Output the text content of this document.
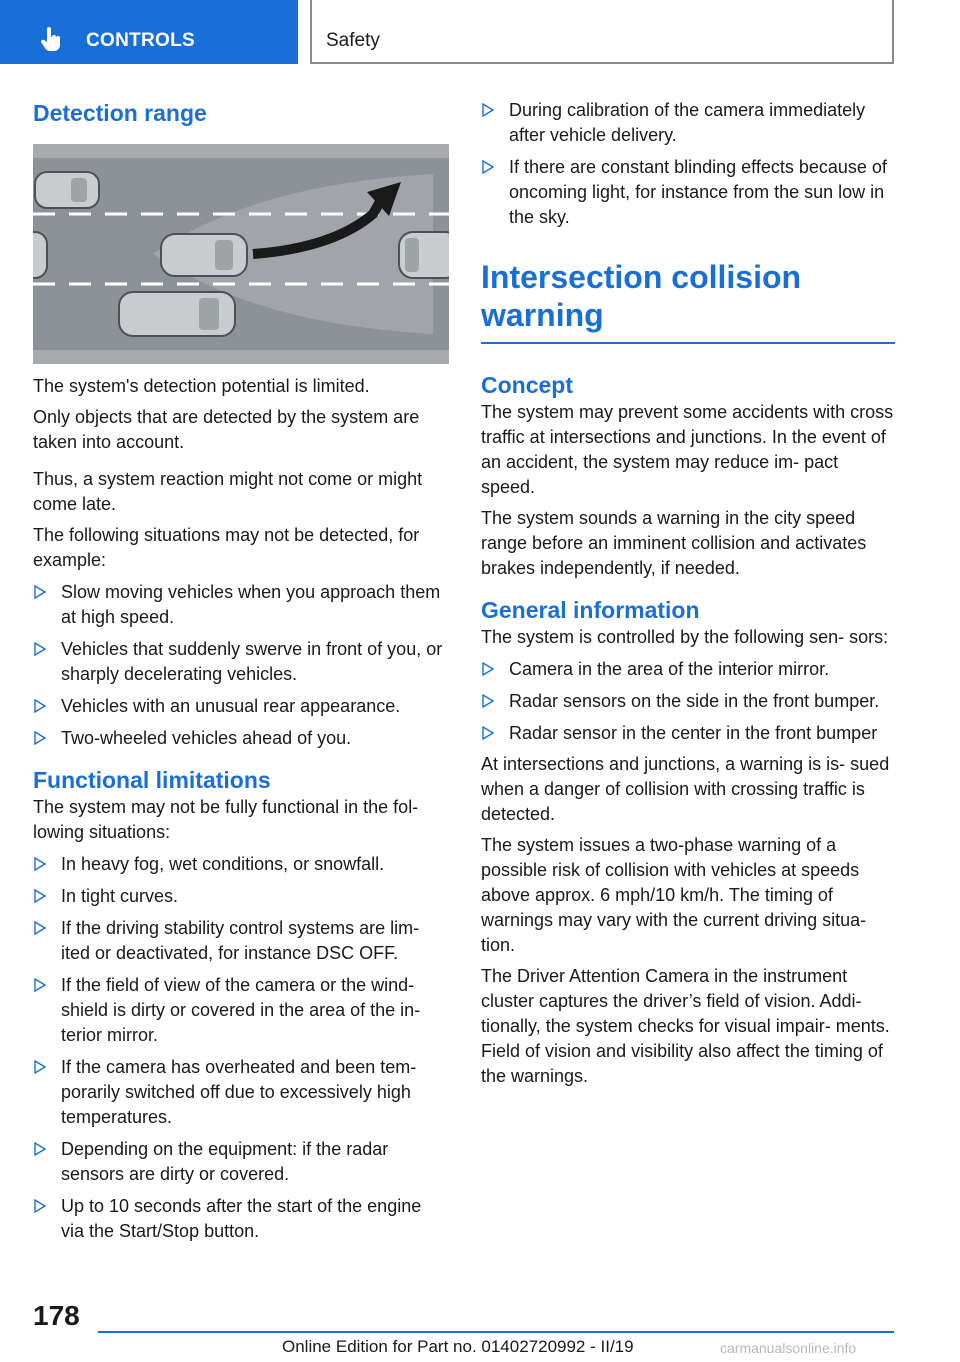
CONTROLS	Safety
Detection range

The system's detection potential is limited.

Only objects that are detected by the system are taken into account.

Thus, a system reaction might not come or might come late.

The following situations may not be detected, for example:

Slow moving vehicles when you approach them at high speed.
Vehicles that suddenly swerve in front of you, or sharply decelerating vehicles.
Vehicles with an unusual rear appearance.
Two-wheeled vehicles ahead of you.
Functional limitations

The system may not be fully functional in the fol‐ lowing situations:

In heavy fog, wet conditions, or snowfall.
In tight curves.
If the driving stability control systems are lim‐ ited or deactivated, for instance DSC OFF.
If the field of view of the camera or the wind‐ shield is dirty or covered in the area of the in‐ terior mirror.
If the camera has overheated and been tem‐ porarily switched off due to excessively high temperatures.
Depending on the equipment: if the radar sensors are dirty or covered.
Up to 10 seconds after the start of the engine via the Start/Stop button.
During calibration of the camera immediately after vehicle delivery.
If there are constant blinding effects because of oncoming light, for instance from the sun low in the sky.
Intersection collision warning
Concept

The system may prevent some accidents with cross traffic at intersections and junctions. In the event of an accident, the system may reduce im‐ pact speed.

The system sounds a warning in the city speed range before an imminent collision and activates brakes independently, if needed.

General information

The system is controlled by the following sen‐ sors:

Camera in the area of the interior mirror.
Radar sensors on the side in the front bumper.
Radar sensor in the center in the front bumper

At intersections and junctions, a warning is is‐ sued when a danger of collision with crossing traffic is detected.

The system issues a two-phase warning of a possible risk of collision with vehicles at speeds above approx. 6 mph/10 km/h. The timing of warnings may vary with the current driving situa‐ tion.

The Driver Attention Camera in the instrument cluster captures the driver’s field of vision. Addi‐ tionally, the system checks for visual impair‐ ments. Field of vision and visibility also affect the timing of the warnings.

178
Online Edition for Part no. 01402720992 - II/19	carmanualsonline.info
